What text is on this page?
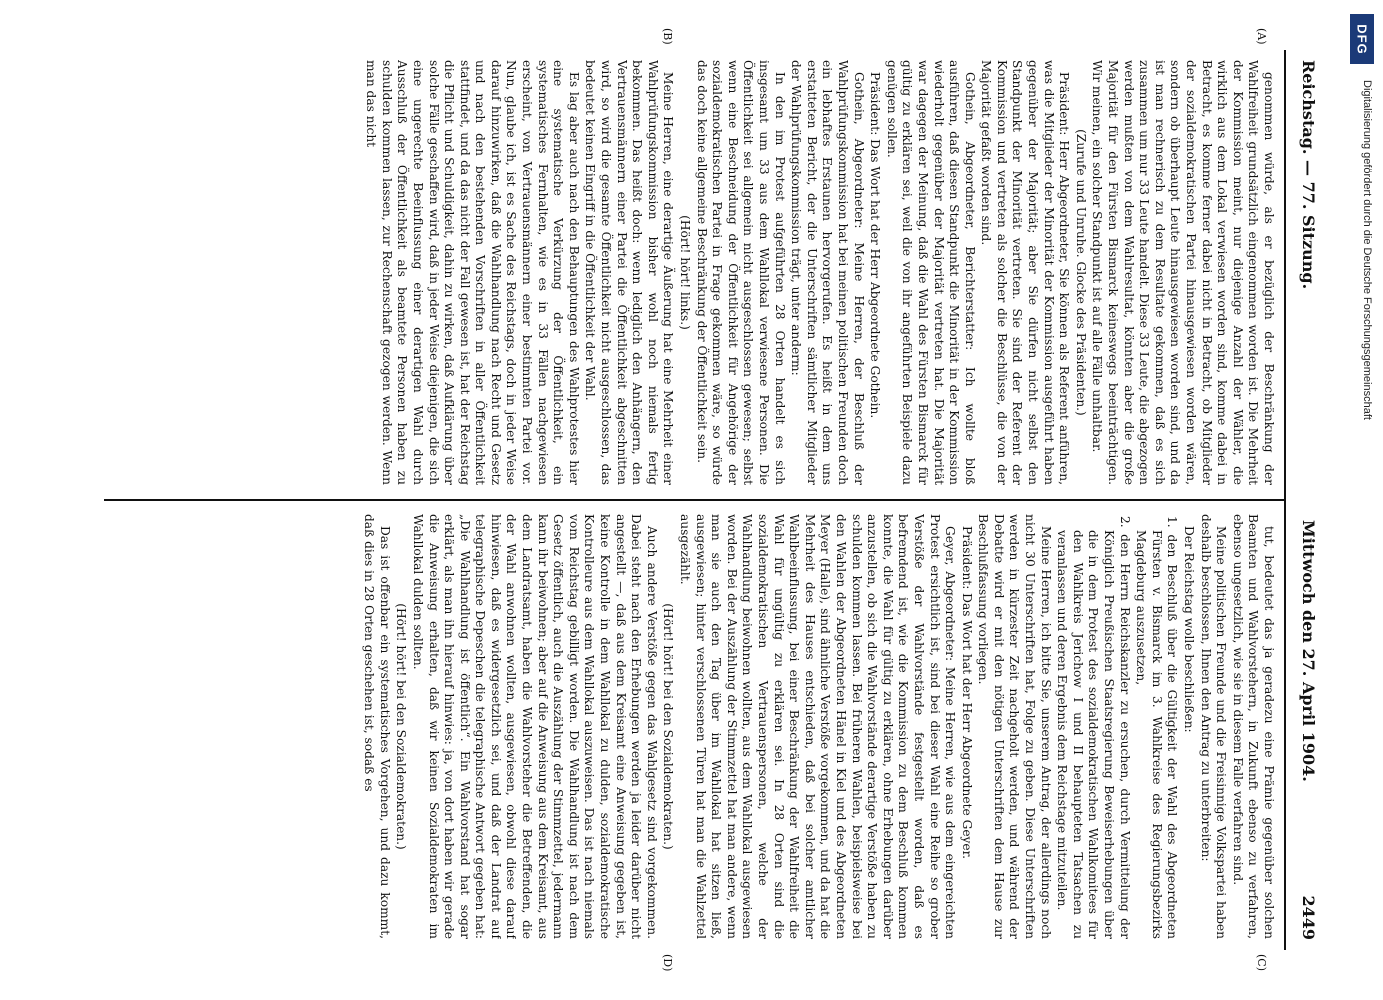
Reichstag. — 77. Sitzung.
Mittwoch den 27. April 1904.
2449
(A)
(B)
(C)
(D)

genommen würde, als er bezüglich der Beschränkung der Wahlfreiheit grundsätzlich eingenommen worden ist. Die Mehrheit der Kommission meint, nur diejenige Anzahl der Wähler, die wirklich aus dem Lokal verwiesen worden sind, komme dabei in Betracht, es komme ferner dabei nicht in Betracht, ob Mitglieder der sozialdemokratischen Partei hinausgewiesen worden wären, sondern ob überhaupt Leute hinausgewiesen worden sind, und da ist man rechnerisch zu dem Resultate gekommen, daß es sich zusammen um nur 33 Leute handelt. Diese 33 Leute, die abgezogen werden mußten von dem Wahlresultat, könnten aber die große Majorität für den Fürsten Bismarck keineswegs beeinträchtigen. Wir meinen, ein solcher Standpunkt ist auf alle Fälle unhaltbar.

(Zurufe und Unruhe. Glocke des Präsidenten.)

Präsident: Herr Abgeordneter, Sie können als Referent anführen, was die Mitglieder der Minorität der Kommission ausgeführt haben gegenüber der Majorität; aber Sie dürfen nicht selbst den Standpunkt der Minorität vertreten. Sie sind der Referent der Kommission und vertreten als solcher die Beschlüsse, die von der Majorität gefaßt worden sind.

Gothein, Abgeordneter, Berichterstatter: Ich wollte bloß ausführen, daß diesen Standpunkt die Minorität in der Kommission wiederholt gegenüber der Majorität vertreten hat. Die Majorität war dagegen der Meinung, daß die Wahl des Fürsten Bismarck für gültig zu erklären sei, weil die von ihr angeführten Beispiele dazu genügen sollen.

Präsident: Das Wort hat der Herr Abgeordnete Gothein.

Gothein, Abgeordneter: Meine Herren, der Beschluß der Wahlprüfungskommission hat bei meinen politischen Freunden doch ein lebhaftes Erstaunen hervorgerufen. Es heißt in dem uns erstatteten Bericht, der die Unterschriften sämtlicher Mitglieder der Wahlprüfungskommission trägt, unter anderm:

In den im Protest aufgeführten 28 Orten handelt es sich insgesamt um 33 aus dem Wahllokal verwiesene Personen. Die Öffentlichkeit sei allgemein nicht ausgeschlossen gewesen; selbst wenn eine Beschneidung der Öffentlichkeit für Angehörige der sozialdemokratischen Partei in Frage gekommen wäre, so würde das doch keine allgemeine Beschränkung der Öffentlichkeit sein.

(Hört! hört! links.)

Meine Herren, eine derartige Äußerung hat eine Mehrheit einer Wahlprüfungskommission bisher wohl noch niemals fertig bekommen. Das heißt doch: wenn lediglich den Anhängern, den Vertrauensmännern einer Partei die Öffentlichkeit abgeschnitten wird, so wird die gesamte Öffentlichkeit nicht ausgeschlossen, das bedeutet keinen Eingriff in die Öffentlichkeit der Wahl.

Es lag aber auch nach den Behauptungen des Wahlprotestes hier eine systematische Verkürzung der Öffentlichkeit, ein systematisches Fernhalten, wie es in 33 Fällen nachgewiesen erscheint, von Vertrauensmännern einer bestimmten Partei vor. Nun, glaube ich, ist es Sache des Reichstags, doch in jeder Weise darauf hinzuwirken, daß die Wahlhandlung nach Recht und Gesetz und nach den bestehenden Vorschriften in aller Öffentlichkeit stattfindet, und da das nicht der Fall gewesen ist, hat der Reichstag die Pflicht und Schuldigkeit, dahin zu wirken, daß Aufklärung über solche Fälle geschaffen wird, daß in jeder Weise diejenigen, die sich eine ungerechte Beeinflussung einer derartigen Wahl durch Ausschluß der Öffentlichkeit als beamtete Personen haben zu schulden kommen lassen, zur Rechenschaft gezogen werden. Wenn man das nicht

tut, bedeutet das ja geradezu eine Prämie gegenüber solchen Beamten und Wahlvorstehern, in Zukunft ebenso zu verfahren, ebenso ungesetzlich, wie sie in diesem Falle verfahren sind.

Meine politischen Freunde und die Freisinnige Volkspartei haben deshalb beschlossen, Ihnen den Antrag zu unterbreiten:

Der Reichstag wolle beschließen:

1. den Beschluß über die Gültigkeit der Wahl des Abgeordneten Fürsten v. Bismarck im 3. Wahlkreise des Regierungsbezirks Magdeburg auszusetzen,

2. den Herrn Reichskanzler zu ersuchen, durch Vermittelung der Königlich Preußischen Staatsregierung Beweiserhebungen über die in dem Protest des sozialdemokratischen Wahlkomitees für den Wahlkreis Jerichow I und II behaupteten Tatsachen zu veranlassen und deren Ergebnis dem Reichstage mitzuteilen.

Meine Herren, ich bitte Sie, unserem Antrag, der allerdings noch nicht 30 Unterschriften hat, Folge zu geben. Diese Unterschriften werden in kürzester Zeit nachgeholt werden, und während der Debatte wird er mit den nötigen Unterschriften dem Hause zur Beschlußfassung vorliegen.

Präsident: Das Wort hat der Herr Abgeordnete Geyer.

Geyer, Abgeordneter: Meine Herren, wie aus dem eingereichten Protest ersichtlich ist, sind bei dieser Wahl eine Reihe so grober Verstöße der Wahlvorstände festgestellt worden, daß es befremdend ist, wie die Kommission zu dem Beschluß kommen konnte, die Wahl für gültig zu erklären, ohne Erhebungen darüber anzustellen, ob sich die Wahlvorstände derartige Verstöße haben zu schulden kommen lassen. Bei früheren Wahlen, beispielsweise bei den Wahlen der Abgeordneten Hänel in Kiel und des Abgeordneten Meyer (Halle), sind ähnliche Verstöße vorgekommen, und da hat die Mehrheit des Hauses entschieden, daß bei solcher amtlicher Wahlbeeinflussung, bei einer Beschränkung der Wahlfreiheit die Wahl für ungültig zu erklären sei. In 28 Orten sind die sozialdemokratischen Vertrauenspersonen, welche der Wahlhandlung beiwohnen wollten, aus dem Wahllokal ausgewiesen worden. Bei der Auszählung der Stimmzettel hat man andere, wenn man sie auch den Tag über im Wahllokal hat sitzen ließ, ausgewiesen; hinter verschlossenen Türen hat man die Wahlzettel ausgezählt.

(Hört! hört! bei den Sozialdemokraten.)

Auch andere Verstöße gegen das Wahlgesetz sind vorgekommen. Dabei steht nach den Erhebungen werden ja leider darüber nicht angestellt —, daß aus dem Kreisamt eine Anweisung gegeben ist, keine Kontrolle in dem Wahllokal zu dulden, sozialdemokratische Kontrolleure aus dem Wahllokal auszuweisen. Das ist nach niemals vom Reichstag gebilligt worden. Die Wahlhandlung ist nach dem Gesetz öffentlich, auch die Auszählung der Stimmzettel, jedermann kann ihr beiwohnen; aber auf die Anweisung aus dem Kreisamt, aus dem Landratsamt, haben die Wahlvorsteher die Betreffenden, die der Wahl anwohnen wollten, ausgewiesen, obwohl diese darauf hinwiesen, daß es widergesetzlich sei, und daß der Landrat auf telegraphische Depeschen die telegraphische Antwort gegeben hat: „Die Wahlhandlung ist öffentlich“. Ein Wahlvorstand hat sogar erklärt, als man ihn hierauf hinwies: ja, von dort haben wir gerade die Anweisung erhalten, daß wir keinen Sozialdemokraten im Wahllokal dulden sollten.

(Hört! hört! bei den Sozialdemokraten.)

Das ist offenbar ein systematisches Vorgehen, und dazu kommt, daß dies in 28 Orten geschehen ist, sodaß es

DFG
Digitalisierung gefördert durch die Deutsche Forschungsgemeinschaft
